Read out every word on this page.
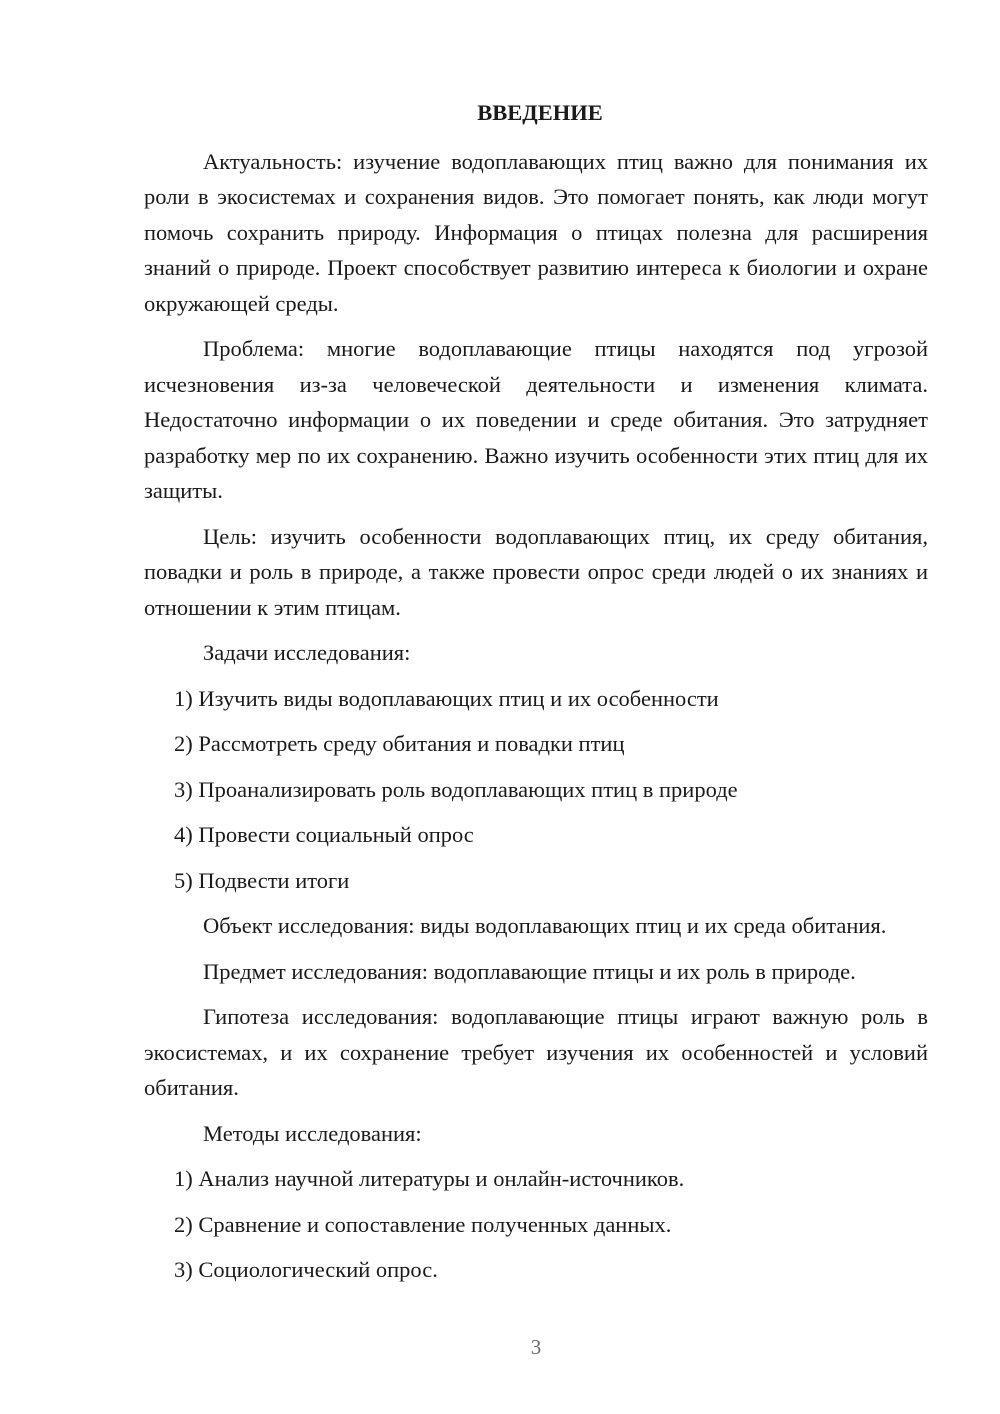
ВВЕДЕНИЕ

Актуальность: изучение водоплавающих птиц важно для понимания их роли в экосистемах и сохранения видов. Это помогает понять, как люди могут помочь сохранить природу. Информация о птицах полезна для расширения знаний о природе. Проект способствует развитию интереса к биологии и охране окружающей среды.

Проблема: многие водоплавающие птицы находятся под угрозой исчезновения из-за человеческой деятельности и изменения климата. Недостаточно информации о их поведении и среде обитания. Это затрудняет разработку мер по их сохранению. Важно изучить особенности этих птиц для их защиты.

Цель: изучить особенности водоплавающих птиц, их среду обитания, повадки и роль в природе, а также провести опрос среди людей о их знаниях и отношении к этим птицам.

Задачи исследования:

1) Изучить виды водоплавающих птиц и их особенности
2) Рассмотреть среду обитания и повадки птиц
3) Проанализировать роль водоплавающих птиц в природе
4) Провести социальный опрос
5) Подвести итоги

Объект исследования: виды водоплавающих птиц и их среда обитания.

Предмет исследования: водоплавающие птицы и их роль в природе.

Гипотеза исследования: водоплавающие птицы играют важную роль в экосистемах, и их сохранение требует изучения их особенностей и условий обитания.

Методы исследования:

1) Анализ научной литературы и онлайн-источников.
2) Сравнение и сопоставление полученных данных.
3) Социологический опрос.
3
